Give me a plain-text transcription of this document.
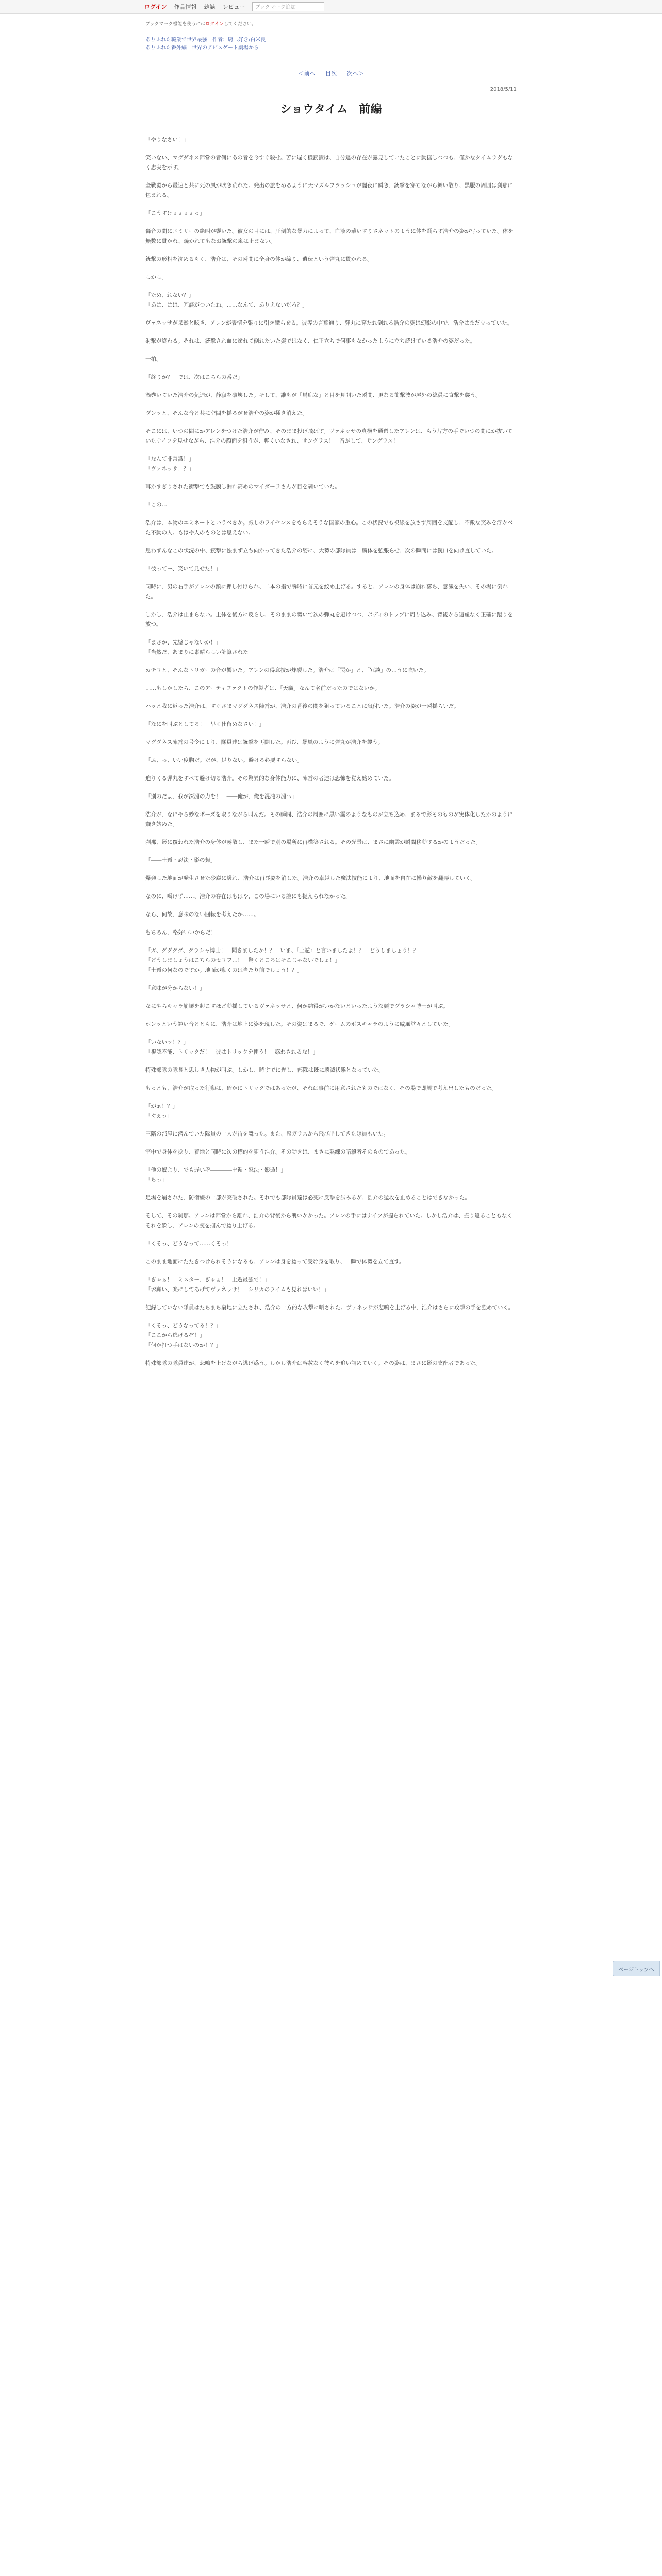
ログイン 作品情報 雑誌 レビュー	ブックマーク追加
ブックマーク機能を使うにはログインしてください。
ありふれた職業で世界最強　作者：厨二好き/白米良
ありふれた番外編　世界のアビスゲート劇場から
＜前へ 目次 次へ＞
2018/5/11
ショウタイム　前編

「やりなさい！」

笑いない、マグダネス陣営の者何にあの者を今すぐ殺せ。苦に遅く機銃漬は、自分達の存在が露見していたことに動揺しつつも、僅かなタイムラグもなく忠実を示す。

全戦闘から最速と共に死の風が吹き荒れた。発出の旅をめるように天マズルフラッシュが闇夜に瞬き、銃撃を穿ちながら舞い散り、黒服の周囲は刹那に包まれる。

「こうすけぇぇぇぇっ」

轟音の間にエミリーの絶叫が響いた。彼女の目には、圧倒的な暴力によって、血液の華いすりさネットのように体を踊らす浩介の姿が写っていた。体を無数に貫かれ、焼かれてもなお銃撃の嵐は止まない。

銃撃の形相を沈めるもく、浩介は、その瞬間に全身の体が締り、遺伝という弾丸に貫かれる。

しかし。

「ため、れない？」
「あは、はは、冗談がついたね。……なんて、ありえないだろ？」

ヴァネッサが呆然と呟き、アレンが表情を張りに引き攣らせる。彼等の言葉通り、弾丸に穿たれ倒れる浩介の姿は幻影の中で、浩介はまだ立っていた。

射撃が終わる。それは、銃撃され血に塗れて倒れたいた姿ではなく、仁王立ちで何事もなかったように立ち続けている浩介の姿だった。

一拍。

「終りか？　では、次はこちらの番だ」

渦巻いていた浩介の気迫が、静寂を破壊した。そして、誰もが「馬鹿な」と目を見開いた瞬間、更なる衝撃波が屋外の総員に直撃を襲う。

ダンッと、そんな音と共に空間を揺るがせ浩介の姿が掻き消えた。

そこには、いつの間にかアレンをつけた浩介が佇み、そのまま投げ飛ばす。ヴァネッサの真横を通過したアレンは、もう片方の手でいつの間にか抜いていたナイフを見せながら、浩介の顔面を狙うが、軽くいなされ、サングラス！　音がして、サングラス！

「なんて非常識！」
「ヴァネッサ！？」

耳かすぎりされた衝撃でも鼓膜し漏れ高めのマイダーラさんが目を剥いていた。

「この…」

浩介は、本物のエミネートというべきか。厳しのライセンスをもらえそうな国家の重心。この状況でも視線を放さず周囲を支配し、不敵な笑みを浮かべた不動の人。もはや人のものとは思えない。

思わずんなこの状況の中、銃撃に怯まず立ち向かってきた浩介の姿に、大勢の部隊員は一瞬体を強張らせ、次の瞬間には銃口を向け直していた。

「彼ってー、笑いて見せた！」

同時に、男の右手がアレンの額に押し付けられ、二本の指で瞬時に首元を絞め上げる。すると、アレンの身体は崩れ落ち、意識を失い、その場に倒れた。

しかし、浩介は止まらない。上体を後方に反らし、そのままの勢いで次の弾丸を避けつつ、ボディのトップに周り込み、背後から遠慮なく正確に蹴りを放つ。

「まさか、完璧じゃないか！」
「当然だ、あまりに素晴らしい計算された

カチリと、そんなトリガーの音が響いた。アレンの得意技が炸裂した。浩介は「罠か」と、「冗談」のように呟いた。

……もしかしたら、このアーティファクトの作製者は、「天職」なんて名前だったのではないか。

ハッと我に返った浩介は、すぐさまマグダネス陣営が、浩介の背後の闇を狙っていることに気付いた。浩介の姿が一瞬揺らいだ。

「なにを叫ぶとしてる！　早く仕留めなさい！」

マグダネス陣営の号令により、隊員達は銃撃を再開した。再び、暴風のように弾丸が浩介を襲う。

「ふ、っ、いい度胸だ。だが、足りない。避ける必要すらない」

迫りくる弾丸をすべて避け切る浩介。その驚異的な身体能力に、陣営の者達は恐怖を覚え始めていた。

「別のだよ、我が深淵の力を！　――俺が、俺を混沌の淵へ」

浩介が、なにやら妙なポーズを取りながら叫んだ。その瞬間、浩介の周囲に黒い靄のようなものが立ち込め、まるで影そのものが実体化したかのように蠢き始めた。

刹那、影に覆われた浩介の身体が霧散し、また一瞬で別の場所に再構築される。その光景は、まさに幽霊が瞬間移動するかのようだった。

「――土遁・忍法・影の舞」

爆発した地面が発生させた砂塵に紛れ、浩介は再び姿を消した。浩介の卓越した魔法技能により、地面を自在に操り敵を翻弄していく。

なのに、囁けず……、浩介の存在はもはや、この場にいる誰にも捉えられなかった。

なら、何故、意味のない回転を考えたか……。

もちろん、格好いいからだ！

「ガ、ググググ、グラシャ博士！　聞きましたか！？　いま、『土遁』と言いましたよ！？　どうしましょう！？」
「どうしましょうはこちらのセリフよ！　驚くところはそこじゃないでしょ！」
「土遁の何なのですか。地面が動くのは当たり前でしょう！？」

「意味が分からない！」

なにやらキャラ崩壊を起こすほど動揺しているヴァネッサと、何か納得がいかないといったような顔でグラシャ博士が叫ぶ。

ボンッという鈍い音とともに、浩介は地上に姿を現した。その姿はまるで、ゲームのボスキャラのように威風堂々としていた。

「いないッ！？」
「視認不能、トリックだ！　彼はトリックを使う！　惑わされるな！」

特殊部隊の隊長と思しき人物が叫ぶ。しかし、時すでに遅し、部隊は既に壊滅状態となっていた。

もっとも、浩介が取った行動は、確かにトリックではあったが、それは事前に用意されたものではなく、その場で即興で考え出したものだった。

「がぁ！？」
「ぐぇっ」

三階の部屋に潜んでいた隊員の一人が宙を舞った。また、窓ガラスから飛び出してきた隊員もいた。

空中で身体を捻り、着地と同時に次の標的を狙う浩介。その動きは、まさに熟練の暗殺者そのものであった。

「他の奴より、でも遅いぞ――――土遁・忍法・影遁！」
「ちっ」

足場を崩された、防衛線の一部が突破された。それでも部隊員達は必死に反撃を試みるが、浩介の猛攻を止めることはできなかった。

そして、その刹那。アレンは陣営から離れ、浩介の背後から襲いかかった。アレンの手にはナイフが握られていた。しかし浩介は、振り返ることもなくそれを躱し、アレンの腕を掴んで捻り上げる。

「くそっ、どうなって……くそっ！」

このまま地面にたたきつけられそうになるも、アレンは身を捻って受け身を取り、一瞬で体勢を立て直す。

「ぎゃぁ！　ミスター、ぎゃぁ！　土遁最強で！」
「お願い、楽にしてあげてヴァネッサ！　シリカのライムも見ればいい！」

記録していない隊員はたちまち窮地に立たされ、浩介の一方的な攻撃に晒された。ヴァネッサが悲鳴を上げる中、浩介はさらに攻撃の手を強めていく。

「くそっ、どうなってる！？」
「ここから逃げるぞ！」
「何か打つ手はないのか！？」

特殊部隊の隊員達が、悲鳴を上げながら逃げ惑う。しかし浩介は容赦なく彼らを追い詰めていく。その姿は、まさに影の支配者であった。

ページトップへ
